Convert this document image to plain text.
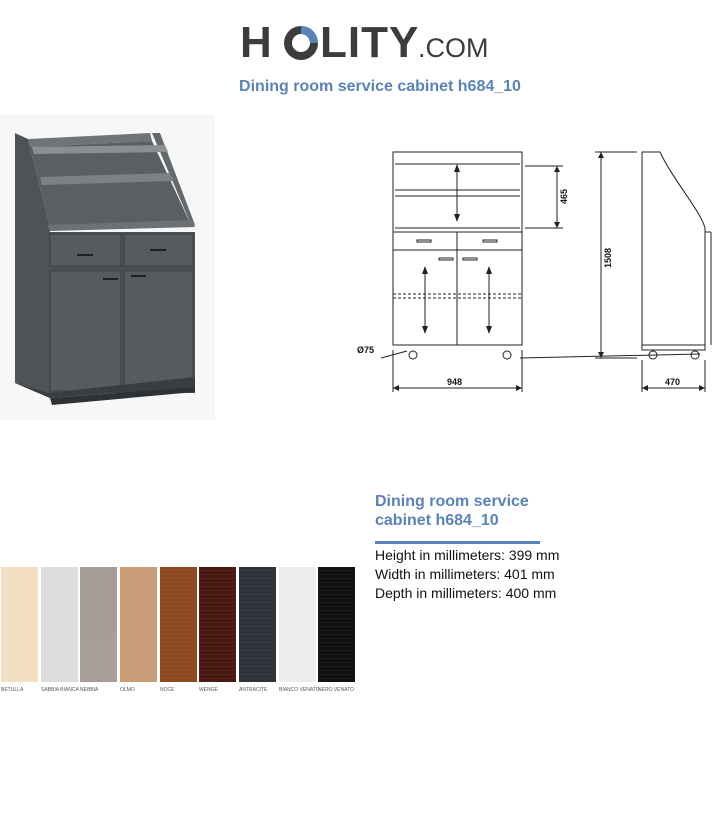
H LITY
.COM
Dining room service cabinet h684_10
948	470
Ø75
465
1508
BETULLA	SABBIA BIANCA NEBBIA	OLMO	NOCE	WENGÈ	ANTRACITE BIANCO VENATO
NERO VENATO
Dining room service cabinet h684_10
Height in millimeters: 399 mm
Width in millimeters: 401 mm
Depth in millimeters: 400 mm
